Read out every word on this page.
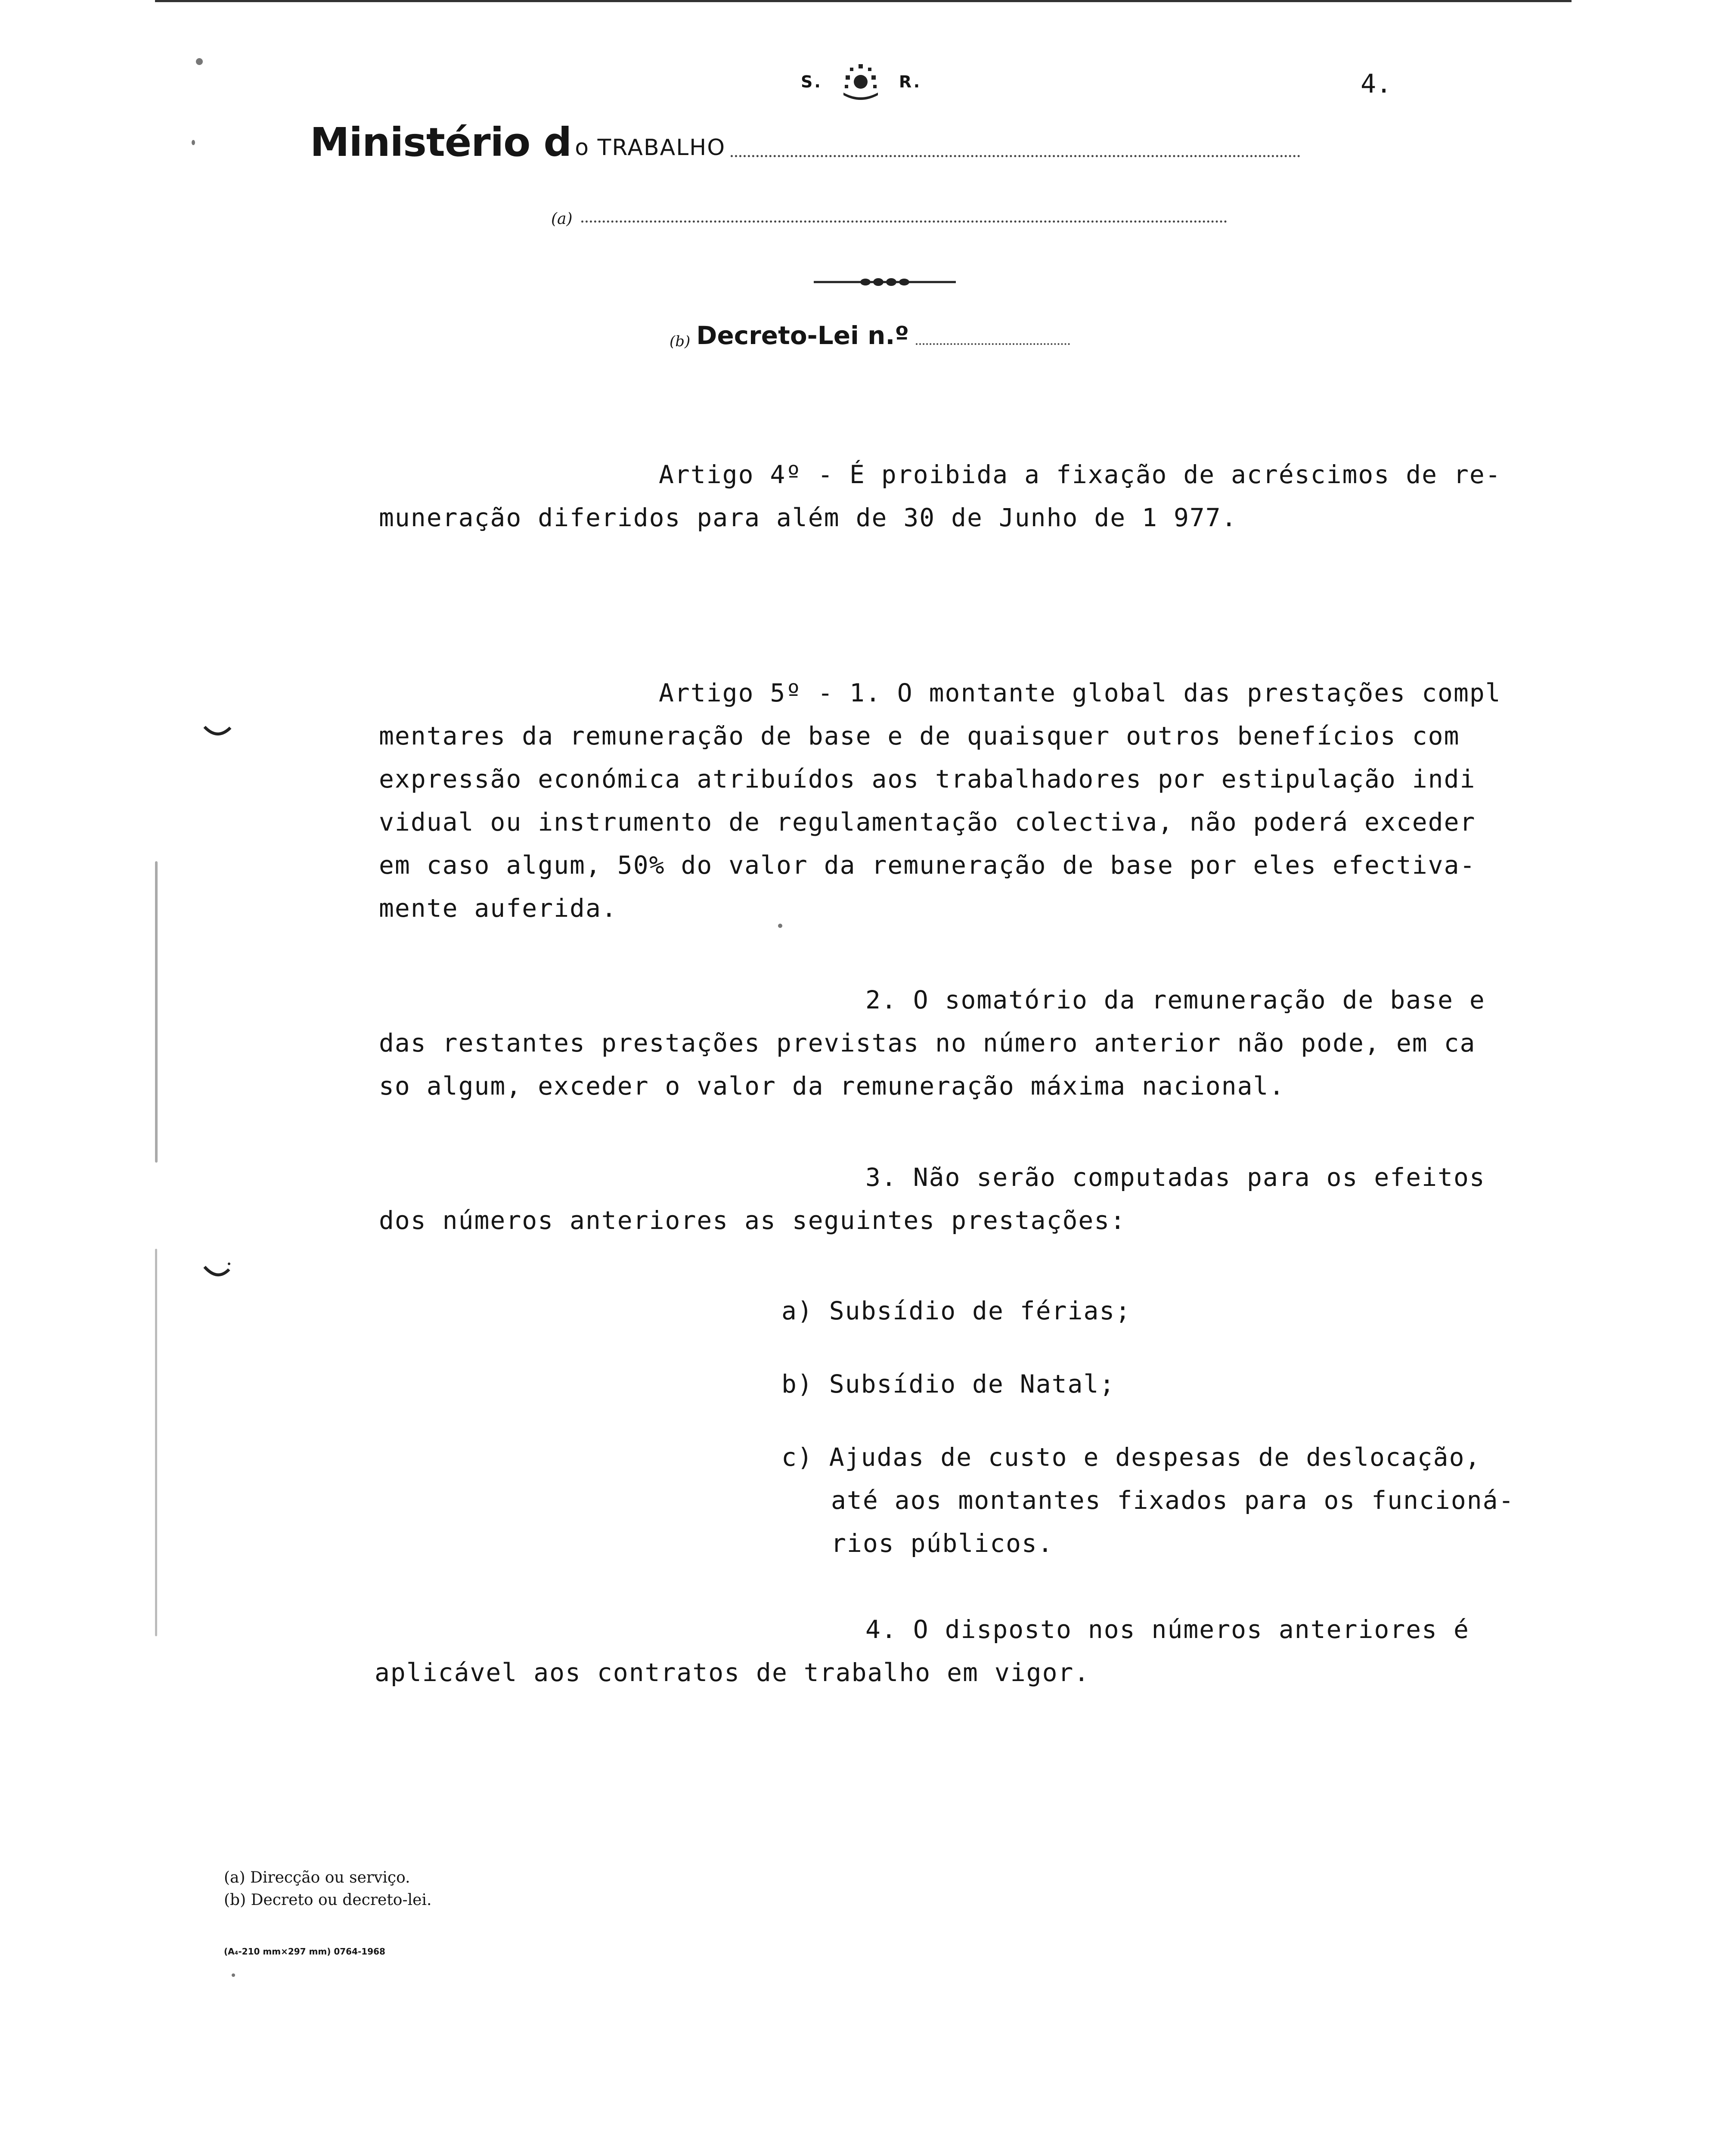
S.	R.	4.
Ministério d o TRABALHO
(a)
(b) Decreto-Lei n.º
Artigo 4º - É proibida a fixação de acréscimos de re-
muneração diferidos para além de 30 de Junho de 1 977.
Artigo 5º - 1. O montante global das prestações compl
mentares da remuneração de base e de quaisquer outros benefícios com
expressão económica atribuídos aos trabalhadores por estipulação indi
vidual ou instrumento de regulamentação colectiva, não poderá exceder
em caso algum, 50% do valor da remuneração de base por eles efectiva-
mente auferida.
2. O somatório da remuneração de base e
das restantes prestações previstas no número anterior não pode, em ca
so algum, exceder o valor da remuneração máxima nacional.
3. Não serão computadas para os efeitos
dos números anteriores as seguintes prestações:
a) Subsídio de férias;
b) Subsídio de Natal;
c) Ajudas de custo e despesas de deslocação,
até aos montantes fixados para os funcioná-
rios públicos.
4. O disposto nos números anteriores é
aplicável aos contratos de trabalho em vigor.
(a) Direcção ou serviço.
(b) Decreto ou decreto-lei.
(A₄-210 mm×297 mm) 0764-1968
